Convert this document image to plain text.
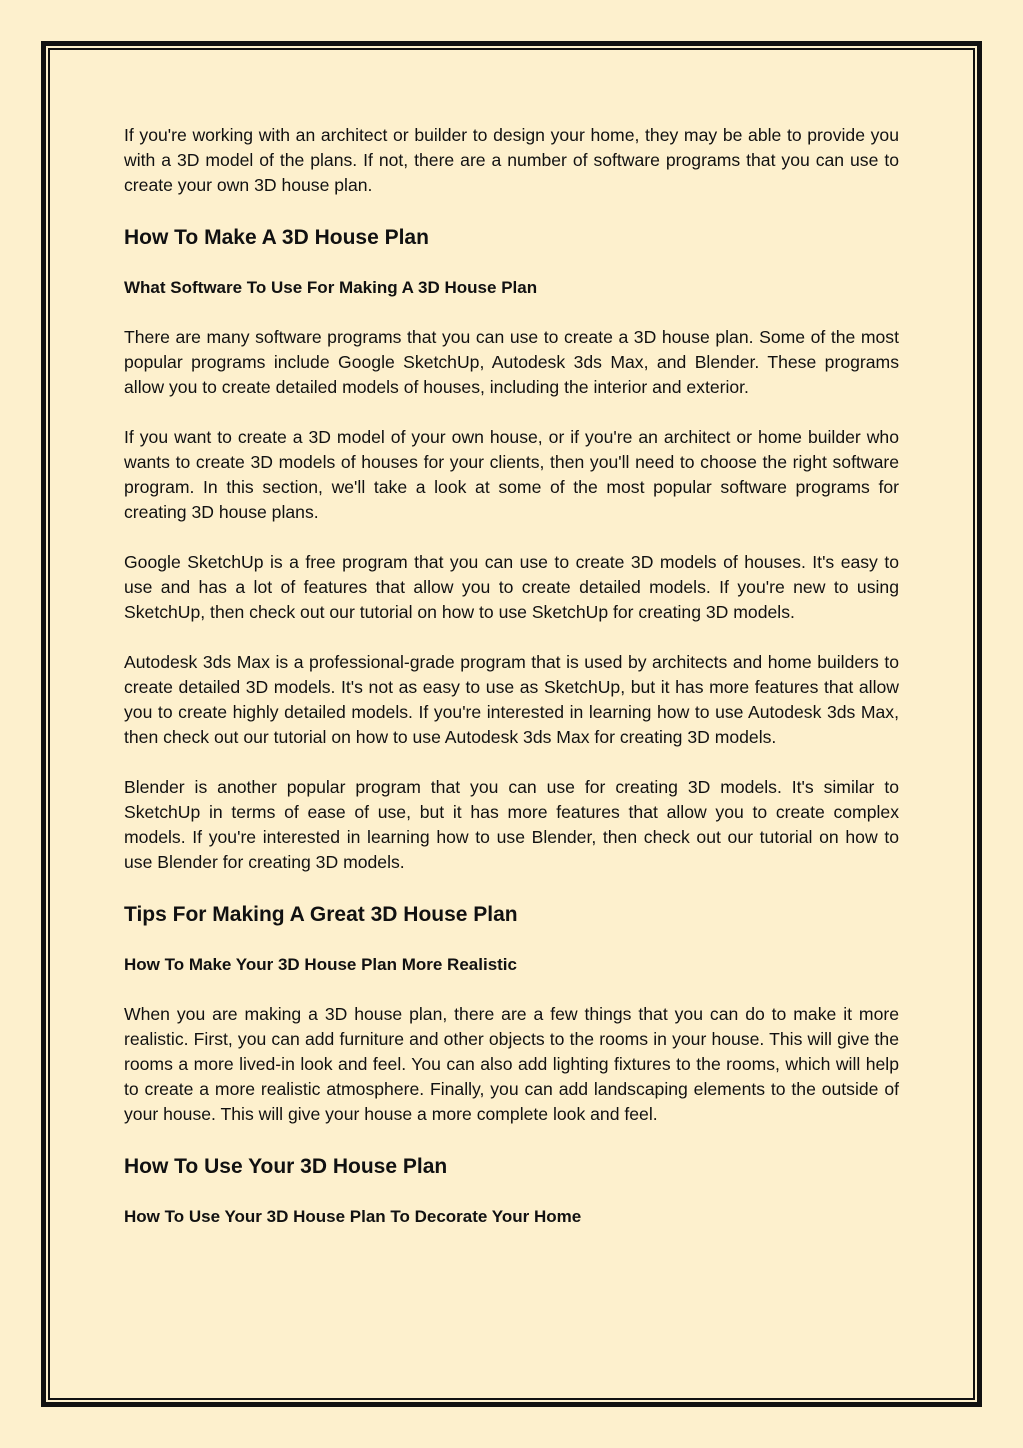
If you're working with an architect or builder to design your home, they may be able to provide you with a 3D model of the plans. If not, there are a number of software programs that you can use to create your own 3D house plan.

How To Make A 3D House Plan
What Software To Use For Making A 3D House Plan

There are many software programs that you can use to create a 3D house plan. Some of the most popular programs include Google SketchUp, Autodesk 3ds Max, and Blender. These programs allow you to create detailed models of houses, including the interior and exterior.

If you want to create a 3D model of your own house, or if you're an architect or home builder who wants to create 3D models of houses for your clients, then you'll need to choose the right software program. In this section, we'll take a look at some of the most popular software programs for creating 3D house plans.

Google SketchUp is a free program that you can use to create 3D models of houses. It's easy to use and has a lot of features that allow you to create detailed models. If you're new to using SketchUp, then check out our tutorial on how to use SketchUp for creating 3D models.

Autodesk 3ds Max is a professional-grade program that is used by architects and home builders to create detailed 3D models. It's not as easy to use as SketchUp, but it has more features that allow you to create highly detailed models. If you're interested in learning how to use Autodesk 3ds Max, then check out our tutorial on how to use Autodesk 3ds Max for creating 3D models.

Blender is another popular program that you can use for creating 3D models. It's similar to SketchUp in terms of ease of use, but it has more features that allow you to create complex models. If you're interested in learning how to use Blender, then check out our tutorial on how to use Blender for creating 3D models.

Tips For Making A Great 3D House Plan
How To Make Your 3D House Plan More Realistic

When you are making a 3D house plan, there are a few things that you can do to make it more realistic. First, you can add furniture and other objects to the rooms in your house. This will give the rooms a more lived-in look and feel. You can also add lighting fixtures to the rooms, which will help to create a more realistic atmosphere. Finally, you can add landscaping elements to the outside of your house. This will give your house a more complete look and feel.

How To Use Your 3D House Plan
How To Use Your 3D House Plan To Decorate Your Home
